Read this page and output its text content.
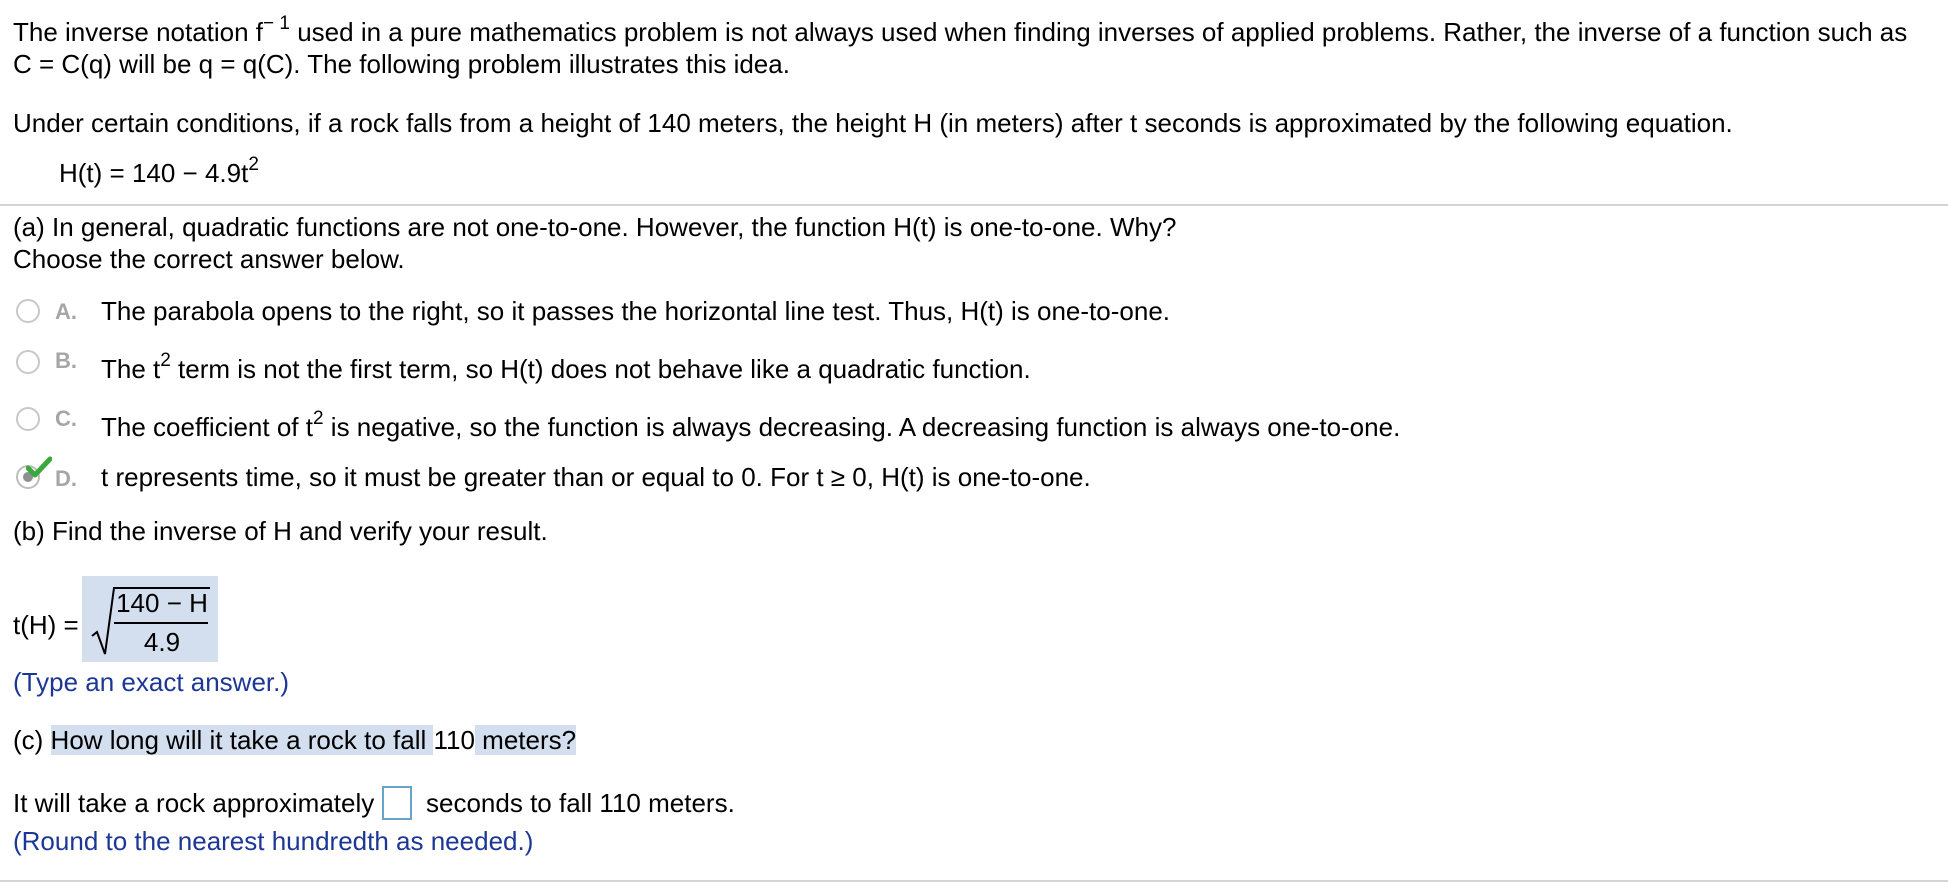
The inverse notation $f^{- 1}$ used in a pure mathematics problem is not always used when finding inverses of applied problems. Rather, the inverse of a function such as
C = C(q) will be q = q(C). The following problem illustrates this idea.
Under certain conditions, if a rock falls from a height of 140 meters, the height H (in meters) after t seconds is approximated by the following equation.
$H(t) = 140 - 4.9t^2$
(a) In general, quadratic functions are not one-to-one. However, the function H(t) is one-to-one. Why?
Choose the correct answer below.
A. The parabola opens to the right, so it passes the horizontal line test. Thus, H(t) is one-to-one.
B. The $t^2$ term is not the first term, so H(t) does not behave like a quadratic function.
C. The coefficient of $t^2$ is negative, so the function is always decreasing. A decreasing function is always one-to-one.
D. t represents time, so it must be greater than or equal to 0. For t ≥ 0, H(t) is one-to-one.
(b) Find the inverse of H and verify your result.
t(H) =
140 − H
4.9
(Type an exact answer.)
(c) How long will it take a rock to fall 110 meters?
It will take a rock approximately seconds to fall 110 meters.
(Round to the nearest hundredth as needed.)
